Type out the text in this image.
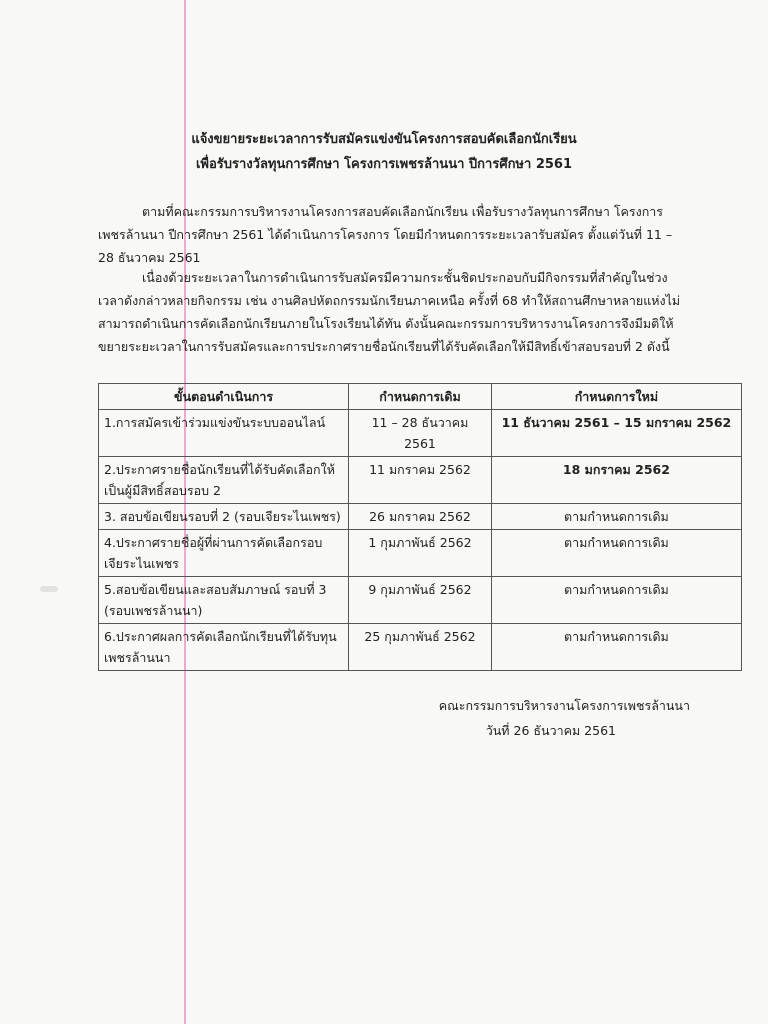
แจ้งขยายระยะเวลาการรับสมัครแข่งขันโครงการสอบคัดเลือกนักเรียน
เพื่อรับรางวัลทุนการศึกษา โครงการเพชรล้านนา ปีการศึกษา 2561
ตามที่คณะกรรมการบริหารงานโครงการสอบคัดเลือกนักเรียน เพื่อรับรางวัลทุนการศึกษา โครงการเพชรล้านนา ปีการศึกษา 2561 ได้ดำเนินการโครงการ โดยมีกำหนดการระยะเวลารับสมัคร ตั้งแต่วันที่ 11 – 28 ธันวาคม 2561
เนื่องด้วยระยะเวลาในการดำเนินการรับสมัครมีความกระชั้นชิดประกอบกับมีกิจกรรมที่สำคัญในช่วงเวลาดังกล่าวหลายกิจกรรม เช่น งานศิลปหัตถกรรมนักเรียนภาคเหนือ ครั้งที่ 68 ทำให้สถานศึกษาหลายแห่งไม่สามารถดำเนินการคัดเลือกนักเรียนภายในโรงเรียนได้ทัน ดังนั้นคณะกรรมการบริหารงานโครงการจึงมีมติให้ขยายระยะเวลาในการรับสมัครและการประกาศรายชื่อนักเรียนที่ได้รับคัดเลือกให้มีสิทธิ์เข้าสอบรอบที่ 2 ดังนี้
ขั้นตอนดำเนินการ	กำหนดการเดิม	กำหนดการใหม่
1.การสมัครเข้าร่วมแข่งขันระบบออนไลน์	11 – 28 ธันวาคม 2561	11 ธันวาคม 2561 – 15 มกราคม 2562
2.ประกาศรายชื่อนักเรียนที่ได้รับคัดเลือกให้เป็นผู้มีสิทธิ์สอบรอบ 2	11 มกราคม 2562	18 มกราคม 2562
3. สอบข้อเขียนรอบที่ 2 (รอบเจียระไนเพชร)	26 มกราคม 2562	ตามกำหนดการเดิม
4.ประกาศรายชื่อผู้ที่ผ่านการคัดเลือกรอบเจียระไนเพชร	1 กุมภาพันธ์ 2562	ตามกำหนดการเดิม
5.สอบข้อเขียนและสอบสัมภาษณ์ รอบที่ 3 (รอบเพชรล้านนา)	9 กุมภาพันธ์ 2562	ตามกำหนดการเดิม
6.ประกาศผลการคัดเลือกนักเรียนที่ได้รับทุนเพชรล้านนา	25 กุมภาพันธ์ 2562	ตามกำหนดการเดิม
คณะกรรมการบริหารงานโครงการเพชรล้านนา
วันที่ 26 ธันวาคม 2561
